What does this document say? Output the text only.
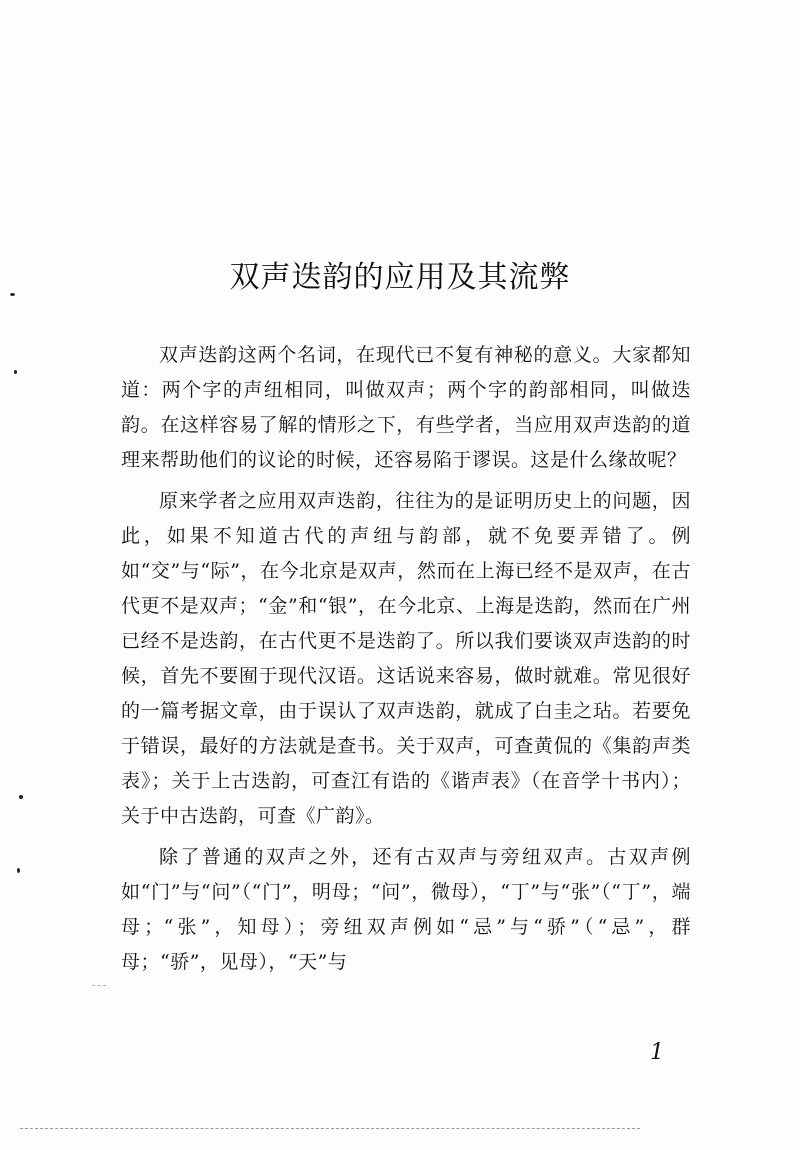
双声迭韵的应用及其流弊

双声迭韵这两个名词，在现代已不复有神秘的意义。大家都知道：两个字的声纽相同，叫做双声；两个字的韵部相同，叫做迭韵。在这样容易了解的情形之下，有些学者，当应用双声迭韵的道理来帮助他们的议论的时候，还容易陷于谬误。这是什么缘故呢？

原来学者之应用双声迭韵，往往为的是证明历史上的问题，因此，如果不知道古代的声纽与韵部，就不免要弄错了。例如“交”与“际”，在今北京是双声，然而在上海已经不是双声，在古代更不是双声；“金”和“银”，在今北京、上海是迭韵，然而在广州已经不是迭韵，在古代更不是迭韵了。所以我们要谈双声迭韵的时候，首先不要囿于现代汉语。这话说来容易，做时就难。常见很好的一篇考据文章，由于误认了双声迭韵，就成了白圭之玷。若要免于错误，最好的方法就是查书。关于双声，可查黄侃的《集韵声类表》；关于上古迭韵，可查江有诰的《谐声表》（在音学十书内）；关于中古迭韵，可查《广韵》。

除了普通的双声之外，还有古双声与旁纽双声。古双声例如“门”与“问”（“门”，明母；“问”，微母），“丁”与“张”（“丁”，端母；“张”，知母）；旁纽双声例如“忌”与“骄”（“忌”，群母；“骄”，见母），“天”与

1
